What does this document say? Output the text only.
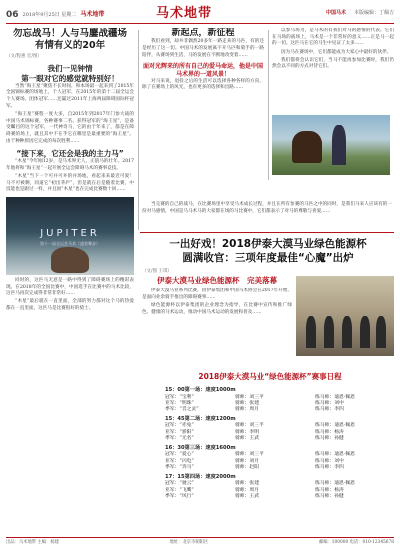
06 2018年9月25日 星期二 马术地带	马术地带	中国马术 本版编辑：丁佩吉
勿忘战马！人与马鏖战疆场
有情有义的20年
（文/程惠 宏/图）
我们一见钟情
第一眼对它的感觉就特别好！

当然“海王星”聚焦不长时间，和本场最一起来到了2015年全国锦标赛的场地上，个人冠军，在2015年的第十二届全运会个人赛场。团体冠军……还赢过2011年上海两届障碍国际杯冠军。

“海王星”赛程一度大多，自2015年到2017年门参大战的中国马术锦标赛，各种赛事二名。获得冠军的“海王星”，是备受瞩目的这个冠军，一代神奇马，它的由于年来了，都是在障碍赛的场上，就且其中不在乎它在哪里是最重要的“海王星”。由于种种原因它完成的每次胜利……

“接下来，它还会是我的主力马”

“木星”今年刚12岁，是马术界无人，正值马的壮年。2017年他将和“海王星”一起开展全运会障碍马术的赛事竞技。

“木星”当下一个可并可并的并场地，看起来来最近可爱！马不可被剩，同道它“初出茅庐”，但是就在后是随着比赛，中技能也是跟过一样，并且国“木星”也在完成比赛数十回……

JUPITER
第十一届全运会马术（盛装舞步）

同时的，这匹马无意是一路中得到了障碍赛场上的精彩表现。在2018年的全国比赛中，中国选手在比赛中的马术比较，这匹马再次完成得非常非常好……

“木星”最后就在一直里面，全部的努力都对这个马的热爱都在一直里面，这匹马是比赛很好的骑士。

新起点，新征程

我们看到，却并非偶然20多年一路走来的马匹，有的还是经历了这一切。中国马术的发展离不开马匹和骑手的一路陪伴，从赛场到生活，马的发展在不断地改变着……

面对光辉来的所有自己的爱马命运，他是中国马术界的一道风景！

对马来说，退役之后的生活可以选择各种各样的方向，除了在赛场上的风光，也有更多的选择和出路……

以参马场为，是马术的有我们对马的感情的代表。它们在马场的战场上，马术是一个非常好的意义……正是马一起的一切。这匹马在它的马生中见证了太多……

因为马在赛场中，它们都能成为大家心中最好的伙伴。

我们都将会认识它们，当马不能再参加比赛时，我们仍然会以不同的方式对待它们。

当完赛的自己的战马，在比赛场里中享受马术成长过程，并且在所有参赛的马匹之中的同时，是我们马来人应该有的一份对马感情，中国是马马术马的大家都在场的马比赛中，它们都表示了对马的尊敬与喜爱……
一出好戏！2018伊泰大漠马业绿色能源杯
圆满收官：三项年度最佳“心魔”出炉
（文/图 王琪）
伊泰大漠马业绿色能源杯　完美落幕

伊泰大漠马业系列比赛，由伊泰集团和中国马术协会在2017年开始，是面向业余骑手推出的障碍赛事……

绿色能源杯以伊泰集团的企业理念为指导，在比赛中宣传和推广绿色、健康的马术运动，推动中国马术运动的发展和普及……

2018伊泰大漠马业“绿色能源杯”赛事日程
15：00第一场：速度1000m
冠军：“宝利”	骑师：刘三平	练马师：迪恩·佩恩
亚军：“明珠”	骑师：张建	练马师：刘中
季军：“音之灵”	骑师：周月	练马师：李四
15：45第二场：速度1200m
冠军：“赤兔”	骑师：刘三平	练马师：迪恩·佩恩
亚军：“骄阳”	骑师：李明	练马师：杨涛
季军：“无名”	骑师：王武	练马师：孙健
16：30第三场：速度1600m
冠军：“爱心”	骑师：刘三平	练马师：迪恩·佩恩
亚军：“闪电”	骑师：刘月	练马师：刘中
季军：“奔马”	骑师：赵阳	练马师：李四
17：15第四场：速度2000m
冠军：“驰云”	骑师：张建	练马师：迪恩·佩恩
亚军：“飞鹰”	骑师：周月	练马师：杨涛
季军：“风行”	骑师：王武	练马师：孙健
出品：马术地带 主编：杨建	地址：北京市朝阳区	邮编：100000 电话：010-12345678
